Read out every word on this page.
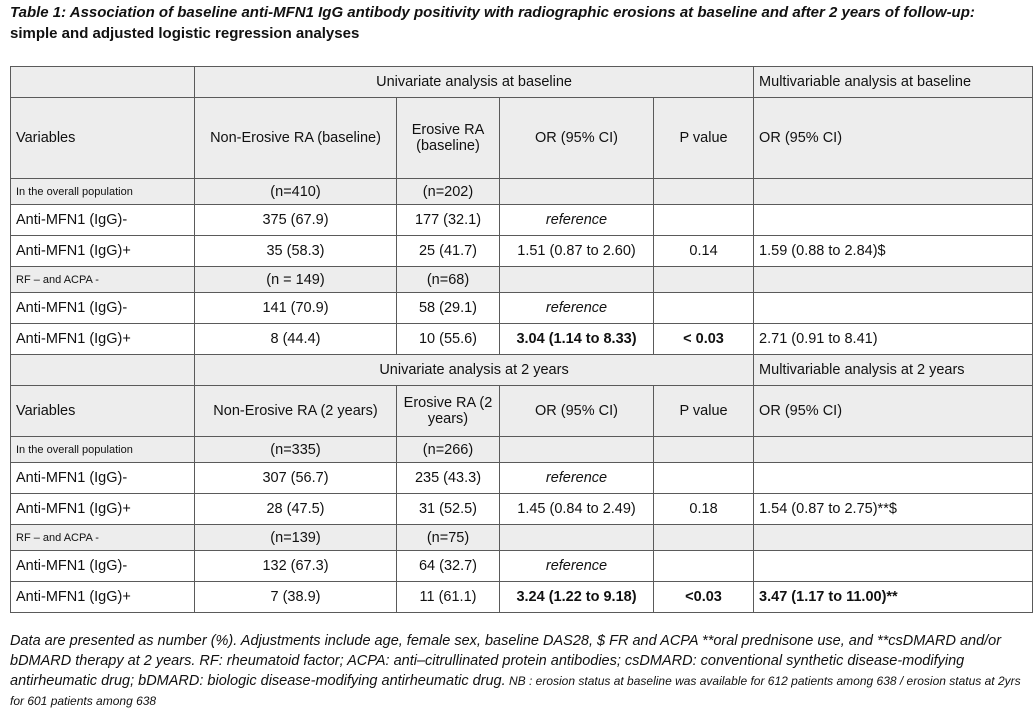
Table 1: Association of baseline anti-MFN1 IgG antibody positivity with radiographic erosions at baseline and after 2 years of follow-up: simple and adjusted logistic regression analyses
	Univariate analysis at baseline				Multivariable analysis at baseline
Variables	Non-Erosive RA (baseline)	Erosive RA (baseline)	OR (95% CI)	P value	OR (95% CI)
In the overall population	(n=410)	(n=202)			
Anti-MFN1 (IgG)-	375 (67.9)	177 (32.1)	reference		
Anti-MFN1 (IgG)+	35 (58.3)	25 (41.7)	1.51 (0.87 to 2.60)	0.14	1.59 (0.88 to 2.84)$
RF – and ACPA -	(n = 149)	(n=68)			
Anti-MFN1 (IgG)-	141 (70.9)	58 (29.1)	reference		
Anti-MFN1 (IgG)+	8 (44.4)	10 (55.6)	3.04 (1.14 to 8.33)	< 0.03	2.71 (0.91 to 8.41)
	Univariate analysis at 2 years				Multivariable analysis at 2 years
Variables	Non-Erosive RA (2 years)	Erosive RA (2 years)	OR (95% CI)	P value	OR (95% CI)
In the overall population	(n=335)	(n=266)			
Anti-MFN1 (IgG)-	307 (56.7)	235 (43.3)	reference		
Anti-MFN1 (IgG)+	28 (47.5)	31 (52.5)	1.45 (0.84 to 2.49)	0.18	1.54 (0.87 to 2.75)**$
RF – and ACPA -	(n=139)	(n=75)			
Anti-MFN1 (IgG)-	132 (67.3)	64 (32.7)	reference		
Anti-MFN1 (IgG)+	7 (38.9)	11 (61.1)	3.24 (1.22 to 9.18)	<0.03	3.47 (1.17 to 11.00)**
Data are presented as number (%). Adjustments include age, female sex, baseline DAS28, $ FR and ACPA **oral prednisone use, and **csDMARD and/or bDMARD therapy at 2 years. RF: rheumatoid factor; ACPA: anti–citrullinated protein antibodies; csDMARD: conventional synthetic disease-modifying antirheumatic drug; bDMARD: biologic disease-modifying antirheumatic drug. NB : erosion status at baseline was available for 612 patients among 638 / erosion status at 2yrs for 601 patients among 638
